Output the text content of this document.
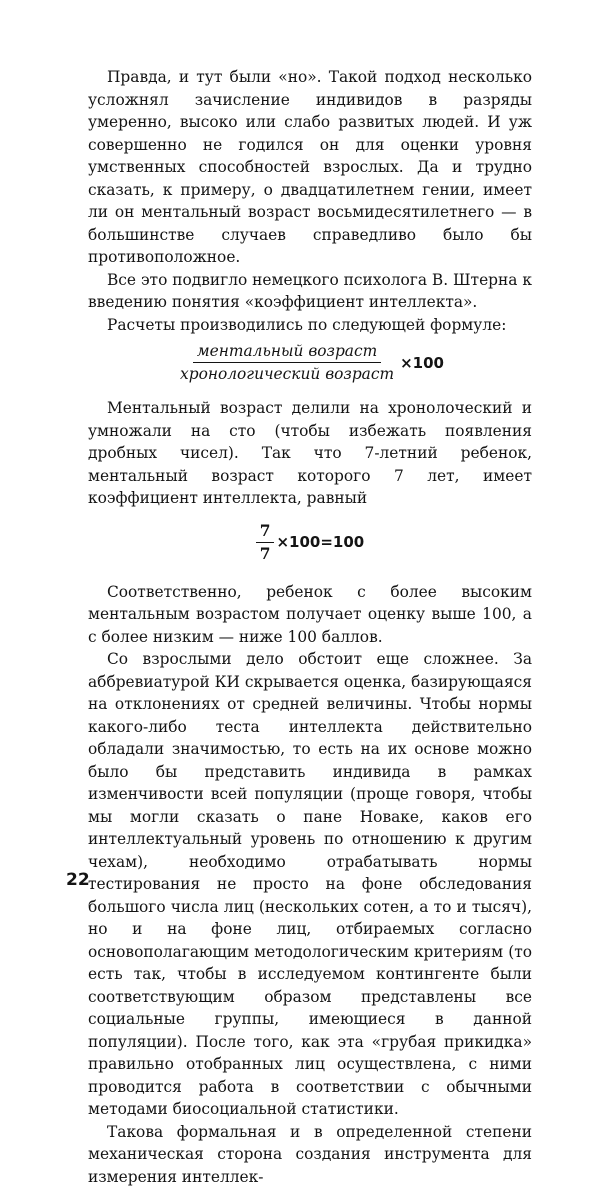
Правда, и тут были «но». Такой подход несколько усложнял зачисление индивидов в разряды умеренно, высоко или слабо развитых людей. И уж совершенно не годился он для оценки уровня умственных способностей взрослых. Да и трудно сказать, к примеру, о двадцатилетнем гении, имеет ли он ментальный возраст восьмидесятилетнего — в большинстве случаев справедливо было бы противоположное.

Все это подвигло немецкого психолога В. Штерна к введению понятия «коэффициент интеллекта».

Расчеты производились по следующей формуле:

$\frac{\text{ментальный возраст}}{\text{хронологический возраст}} \times 100$

Ментальный возраст делили на хронолоческий и умножали на сто (чтобы избежать появления дробных чисел). Так что 7-летний ребенок, ментальный возраст которого 7 лет, имеет коэффициент интеллекта, равный

$\frac{7}{7} \times 100=100$

Соответственно, ребенок с более высоким ментальным возрастом получает оценку выше 100, а с более низким — ниже 100 баллов.

Со взрослыми дело обстоит еще сложнее. За аббревиатурой КИ скрывается оценка, базирующаяся на отклонениях от средней величины. Чтобы нормы какого-либо теста интеллекта действительно обладали значимостью, то есть на их основе можно было бы представить индивида в рамках изменчивости всей популяции (проще говоря, чтобы мы могли сказать о пане Новаке, каков его интеллектуальный уровень по отношению к другим чехам), необходимо отрабатывать нормы тестирования не просто на фоне обследования большого числа лиц (нескольких сотен, а то и тысяч), но и на фоне лиц, отбираемых согласно основополагающим методологическим критериям (то есть так, чтобы в исследуемом контингенте были соответствующим образом представлены все социальные группы, имеющиеся в данной популяции). После того, как эта «грубая прикидка» правильно отобранных лиц осуществлена, с ними проводится работа в соответствии с обычными методами биосоциальной статистики.

Такова формальная и в определенной степени механическая сторона создания инструмента для измерения интеллек-

22
